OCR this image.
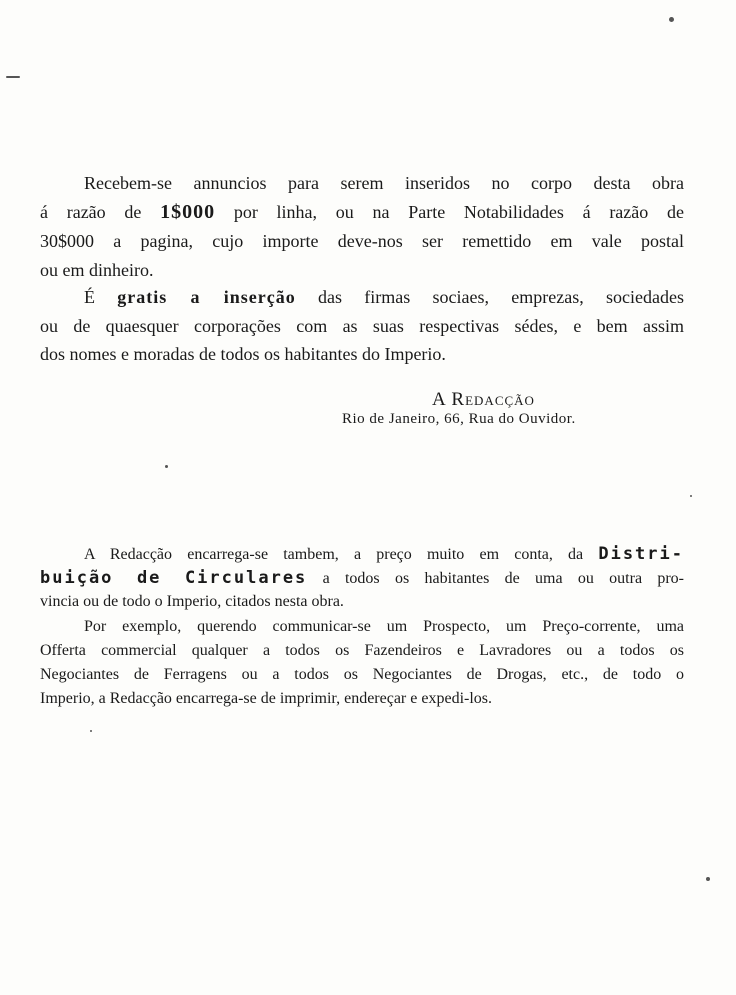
Recebem-se annuncios para serem inseridos no corpo desta obra
á razão de 1$000 por linha, ou na Parte Notabilidades á razão de
30$000 a pagina, cujo importe deve-nos ser remettido em vale postal
ou em dinheiro.
É gratis a inserção das firmas sociaes, emprezas, sociedades
ou de quaesquer corporações com as suas respectivas sédes, e bem assim
dos nomes e moradas de todos os habitantes do Imperio.
A Redacção
Rio de Janeiro, 66, Rua do Ouvidor.
A Redacção encarrega-se tambem, a preço muito em conta, da Distri-
buição de Circulares a todos os habitantes de uma ou outra pro-
vincia ou de todo o Imperio, citados nesta obra.
Por exemplo, querendo communicar-se um Prospecto, um Preço-corrente, uma
Offerta commercial qualquer a todos os Fazendeiros e Lavradores ou a todos os
Negociantes de Ferragens ou a todos os Negociantes de Drogas, etc., de todo o
Imperio, a Redacção encarrega-se de imprimir, endereçar e expedi-los.
